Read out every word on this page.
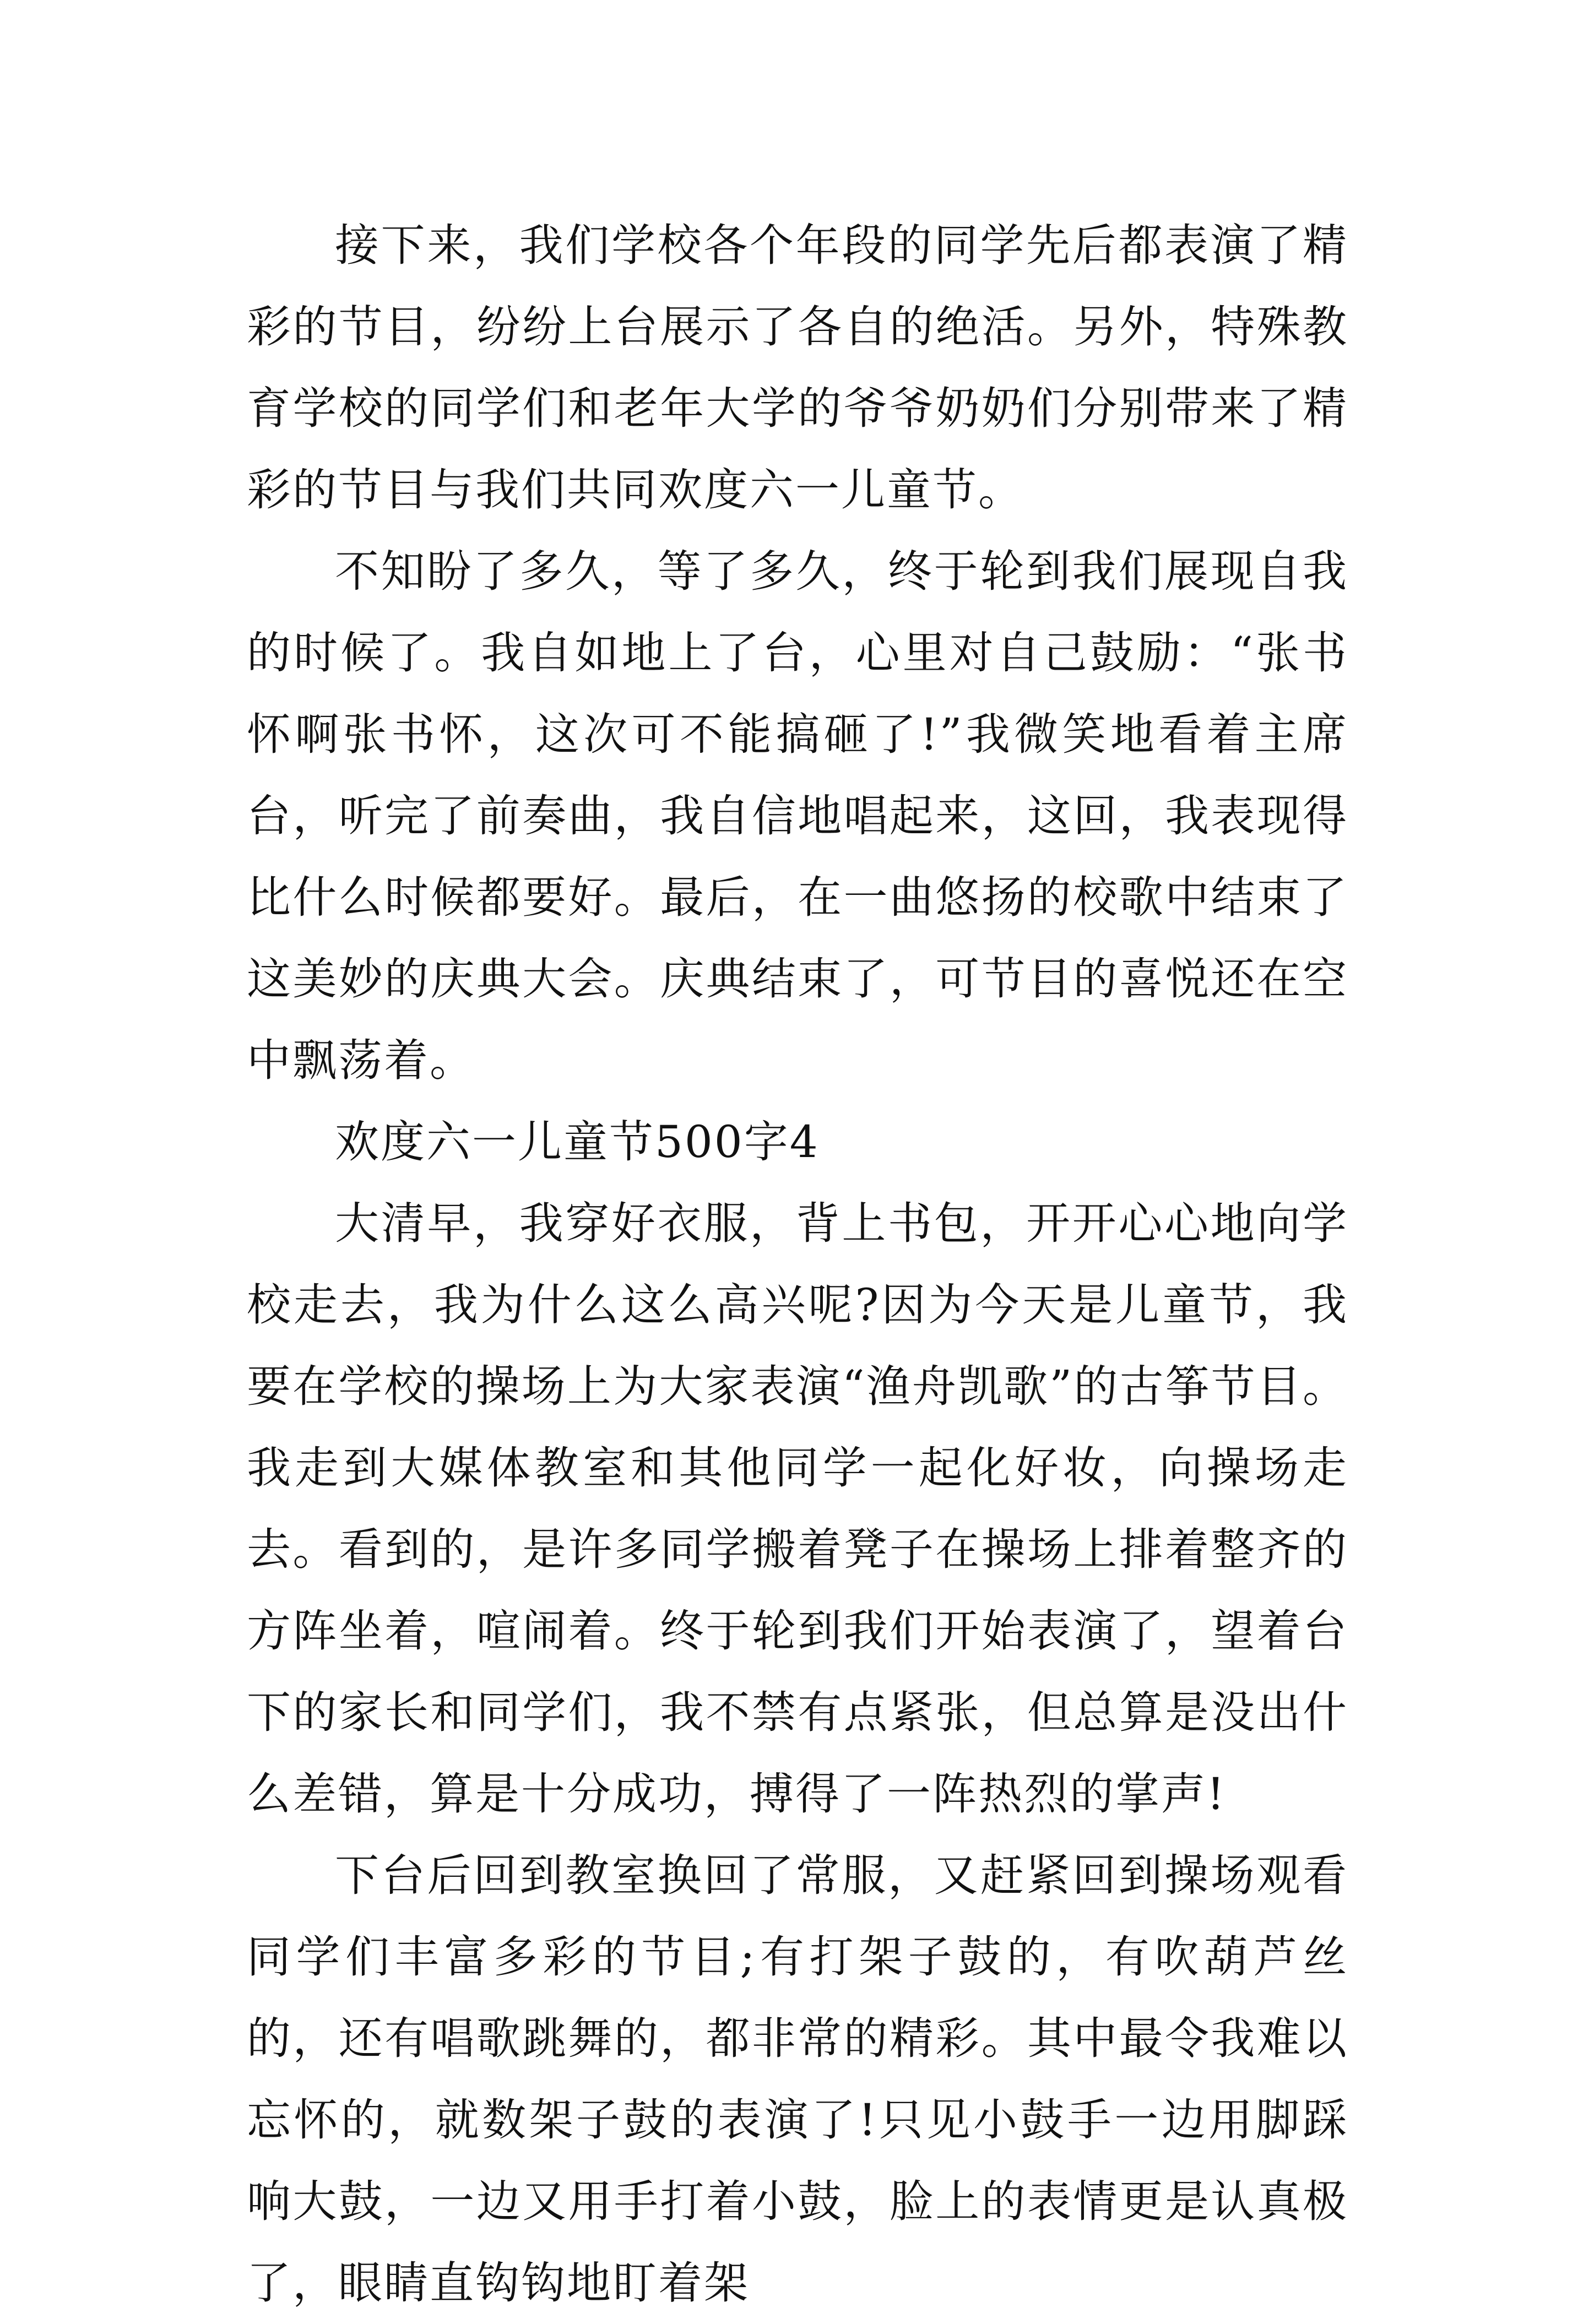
接下来，我们学校各个年段的同学先后都表演了精彩的节目，纷纷上台展示了各自的绝活。另外，特殊教育学校的同学们和老年大学的爷爷奶奶们分别带来了精彩的节目与我们共同欢度六一儿童节。

不知盼了多久，等了多久，终于轮到我们展现自我的时候了。我自如地上了台，心里对自己鼓励：“张书怀啊张书怀，这次可不能搞砸了!”我微笑地看着主席台，听完了前奏曲，我自信地唱起来，这回，我表现得比什么时候都要好。最后，在一曲悠扬的校歌中结束了这美妙的庆典大会。庆典结束了，可节目的喜悦还在空中飘荡着。

欢度六一儿童节500字4

大清早，我穿好衣服，背上书包，开开心心地向学校走去，我为什么这么高兴呢?因为今天是儿童节，我要在学校的操场上为大家表演“渔舟凯歌”的古筝节目。我走到大媒体教室和其他同学一起化好妆，向操场走去。看到的，是许多同学搬着凳子在操场上排着整齐的方阵坐着，喧闹着。终于轮到我们开始表演了，望着台下的家长和同学们，我不禁有点紧张，但总算是没出什么差错，算是十分成功，搏得了一阵热烈的掌声!

下台后回到教室换回了常服，又赶紧回到操场观看同学们丰富多彩的节目;有打架子鼓的，有吹葫芦丝的，还有唱歌跳舞的，都非常的精彩。其中最令我难以忘怀的，就数架子鼓的表演了!只见小鼓手一边用脚踩响大鼓，一边又用手打着小鼓，脸上的表情更是认真极了，眼睛直钩钩地盯着架
